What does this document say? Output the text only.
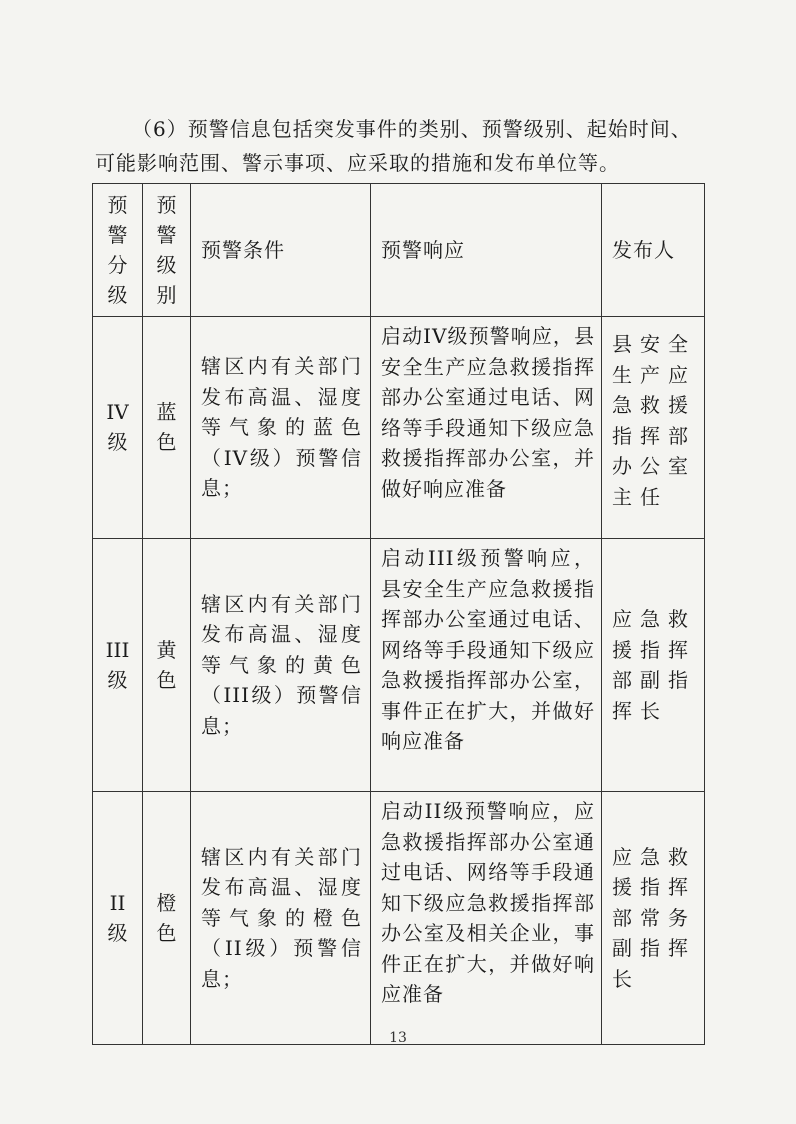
（6）预警信息包括突发事件的类别、预警级别、起始时间、

可能影响范围、警示事项、应采取的措施和发布单位等。

预警分级	预警级别	预警条件	预警响应	发布人
IV级	蓝色	辖区内有关部门发布高温、湿度等气象的蓝色（IV级）预警信息；	启动IV级预警响应，县安全生产应急救援指挥部办公室通过电话、网络等手段通知下级应急救援指挥部办公室，并做好响应准备	县安全生产应急救援指挥部办公室主任
III级	黄色	辖区内有关部门发布高温、湿度等气象的黄色（III级）预警信息；	启动III级预警响应，县安全生产应急救援指挥部办公室通过电话、网络等手段通知下级应急救援指挥部办公室，事件正在扩大，并做好响应准备	应急救援指挥部副指挥长
II级	橙色	辖区内有关部门发布高温、湿度等气象的橙色（II级）预警信息；	启动II级预警响应，应急救援指挥部办公室通过电话、网络等手段通知下级应急救援指挥部办公室及相关企业，事件正在扩大，并做好响应准备	应急救援指挥部常务副指挥长
13
